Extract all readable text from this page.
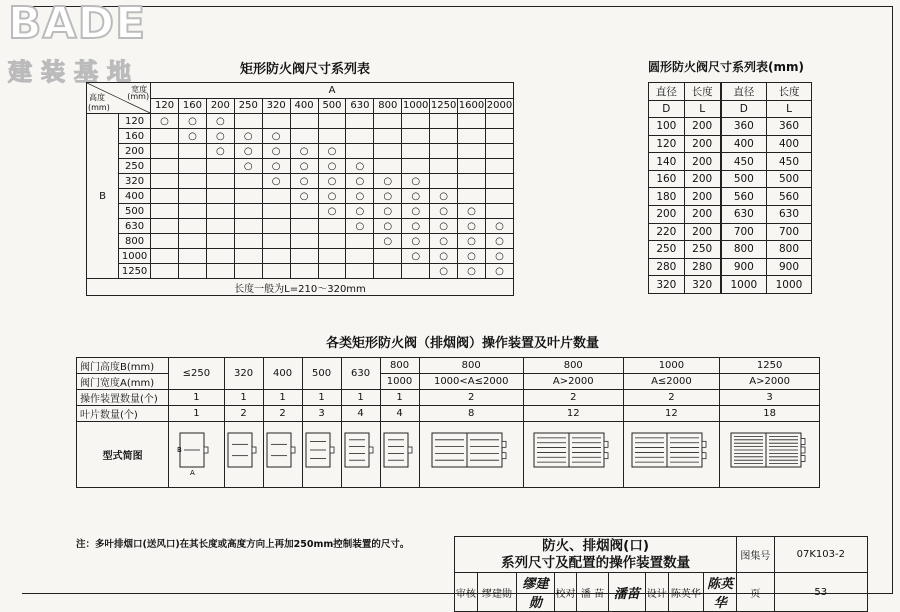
BADE
建装基地	矩形防火阀尺寸系列表
宽度
(mm)
高度
(mm)		A												
		120	160	200	250	320	400	500	630	800	1000	1250	1600	2000
B	120	○	○	○										
	160		○	○	○	○								
	200			○	○	○	○	○						
	250				○	○	○	○	○					
	320					○	○	○	○	○	○			
	400						○	○	○	○	○	○		
	500							○	○	○	○	○	○	
	630								○	○	○	○	○	○
	800									○	○	○	○	○
	1000										○	○	○	○
	1250											○	○	○
长度一般为L=210～320mm														
圆形防火阀尺寸系列表(mm)
直径	长度	直径	长度
D	L	D	L
100	200	360	360
120	200	400	400
140	200	450	450
160	200	500	500
180	200	560	560
200	200	630	630
220	200	700	700
250	250	800	800
280	280	900	900
320	320	1000	1000
各类矩形防火阀（排烟阀）操作装置及叶片数量
阀门高度B(mm)	≤250	320	400	500	630	800	800	800	1000	1250
阀门宽度A(mm)						1000	1000<A≤2000	A>2000	A≤2000	A>2000
操作装置数量(个)	1	1	1	1	1	1	2	2	2	3
叶片数量(个)	1	2	2	3	4	4	8	12	12	18
型式简图	B
A

注：多叶排烟口(送风口)在其长度或高度方向上再加250mm控制装置的尺寸。	防火、排烟阀(口)
系列尺寸及配置的操作装置数量									图集号	07K103-2
审核	缪建勋	缪建勋	校对	潘 苗	潘苗	设计	陈英华	陈英华	页	53
